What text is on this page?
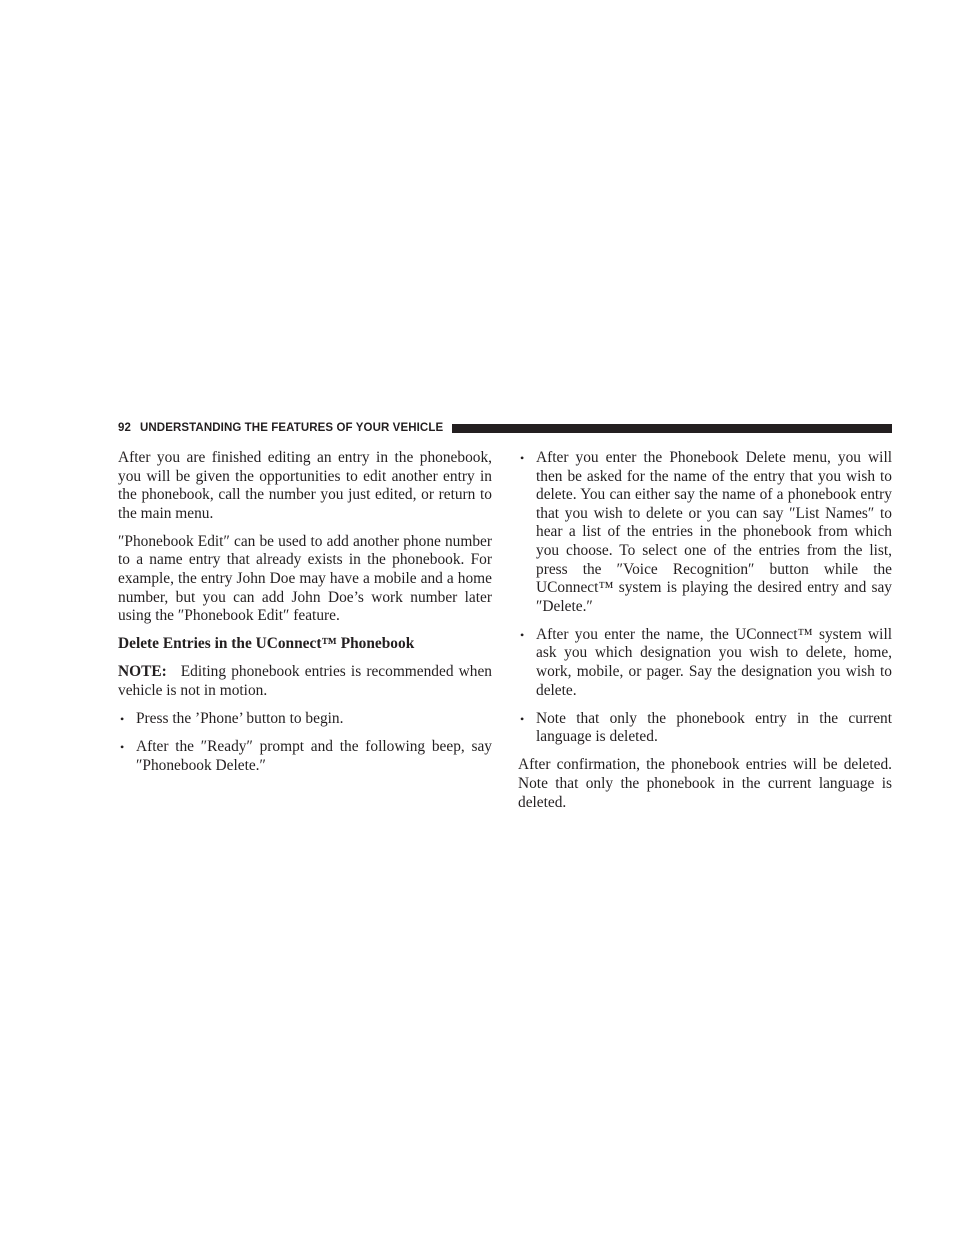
92 UNDERSTANDING THE FEATURES OF YOUR VEHICLE

After you are finished editing an entry in the phonebook, you will be given the opportunities to edit another entry in the phonebook, call the number you just edited, or return to the main menu.

″Phonebook Edit″ can be used to add another phone number to a name entry that already exists in the phonebook. For example, the entry John Doe may have a mobile and a home number, but you can add John Doe’s work number later using the ″Phonebook Edit″ feature.

Delete Entries in the UConnect™ Phonebook

NOTE: Editing phonebook entries is recommended when vehicle is not in motion.

• Press the ’Phone’ button to begin.
• After the ″Ready″ prompt and the following beep, say ″Phonebook Delete.″
• After you enter the Phonebook Delete menu, you will then be asked for the name of the entry that you wish to delete. You can either say the name of a phonebook entry that you wish to delete or you can say ″List Names″ to hear a list of the entries in the phonebook from which you choose. To select one of the entries from the list, press the ″Voice Recognition″ button while the UConnect™ system is playing the desired entry and say ″Delete.″
• After you enter the name, the UConnect™ system will ask you which designation you wish to delete, home, work, mobile, or pager. Say the designation you wish to delete.
• Note that only the phonebook entry in the current language is deleted.

After confirmation, the phonebook entries will be deleted. Note that only the phonebook in the current language is deleted.
